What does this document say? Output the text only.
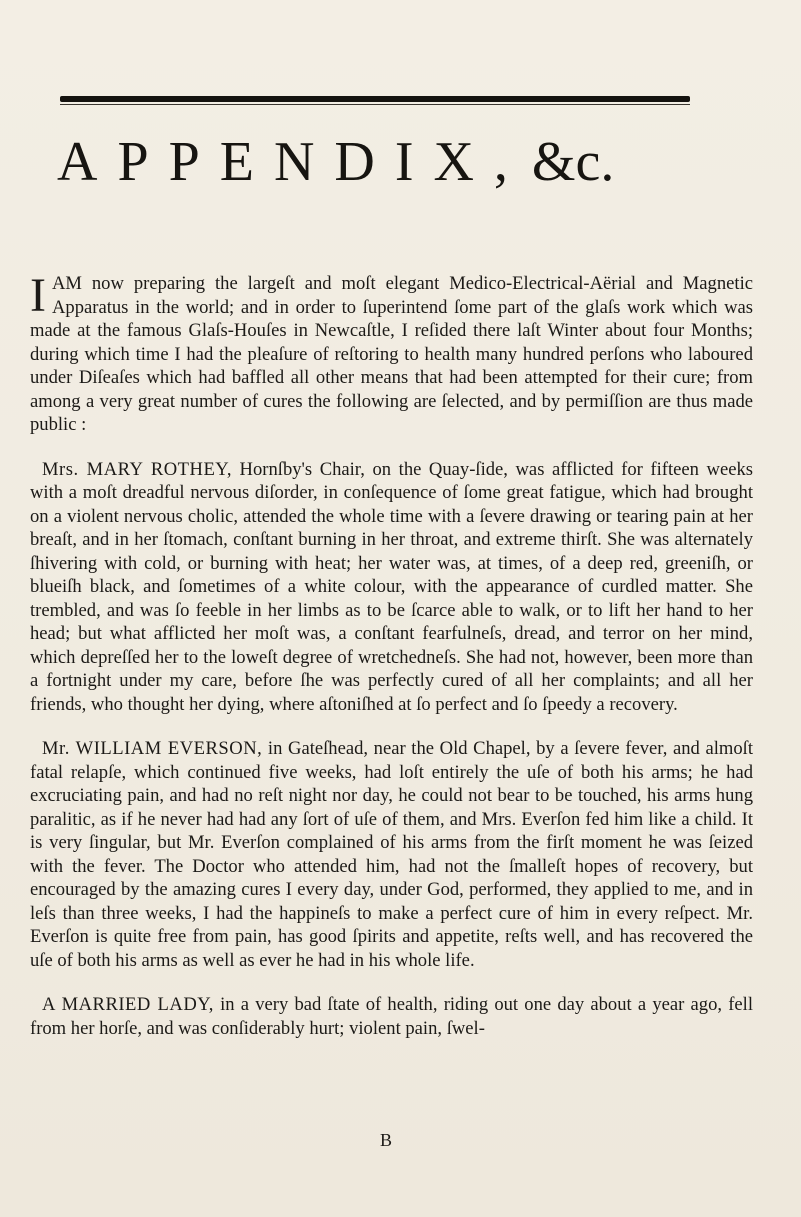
APPENDIX,&c.

I AM now preparing the largeſt and moſt elegant Medico-Electrical-Aërial and Magnetic Apparatus in the world; and in order to ſuperintend ſome part of the glaſs work which was made at the famous Glaſs-Houſes in Newcaſtle, I reſided there laſt Winter about four Months; during which time I had the pleaſure of reſtoring to health many hundred perſons who laboured under Diſeaſes which had baffled all other means that had been attempted for their cure; from among a very great number of cures the following are ſelected, and by permiſſion are thus made public :

Mrs. MARY ROTHEY, Hornſby's Chair, on the Quay-ſide, was afflicted for fifteen weeks with a moſt dreadful nervous diſorder, in conſequence of ſome great fatigue, which had brought on a violent nervous cholic, attended the whole time with a ſevere drawing or tearing pain at her breaſt, and in her ſtomach, conſtant burning in her throat, and extreme thirſt. She was alternately ſhivering with cold, or burning with heat; her water was, at times, of a deep red, greeniſh, or blueiſh black, and ſometimes of a white colour, with the appearance of curdled matter. She trembled, and was ſo feeble in her limbs as to be ſcarce able to walk, or to lift her hand to her head; but what afflicted her moſt was, a conſtant fearfulneſs, dread, and terror on her mind, which depreſſed her to the loweſt degree of wretchedneſs. She had not, however, been more than a fortnight under my care, before ſhe was perfectly cured of all her complaints; and all her friends, who thought her dying, where aſtoniſhed at ſo perfect and ſo ſpeedy a recovery.

Mr. WILLIAM EVERSON, in Gateſhead, near the Old Chapel, by a ſevere fever, and almoſt fatal relapſe, which continued five weeks, had loſt entirely the uſe of both his arms; he had excruciating pain, and had no reſt night nor day, he could not bear to be touched, his arms hung paralitic, as if he never had had any ſort of uſe of them, and Mrs. Everſon fed him like a child. It is very ſingular, but Mr. Everſon complained of his arms from the firſt moment he was ſeized with the fever. The Doctor who attended him, had not the ſmalleſt hopes of recovery, but encouraged by the amazing cures I every day, under God, performed, they applied to me, and in leſs than three weeks, I had the happineſs to make a perfect cure of him in every reſpect. Mr. Everſon is quite free from pain, has good ſpirits and appetite, reſts well, and has recovered the uſe of both his arms as well as ever he had in his whole life.

A MARRIED LADY, in a very bad ſtate of health, riding out one day about a year ago, fell from her horſe, and was conſiderably hurt; violent pain, ſwel-

B
